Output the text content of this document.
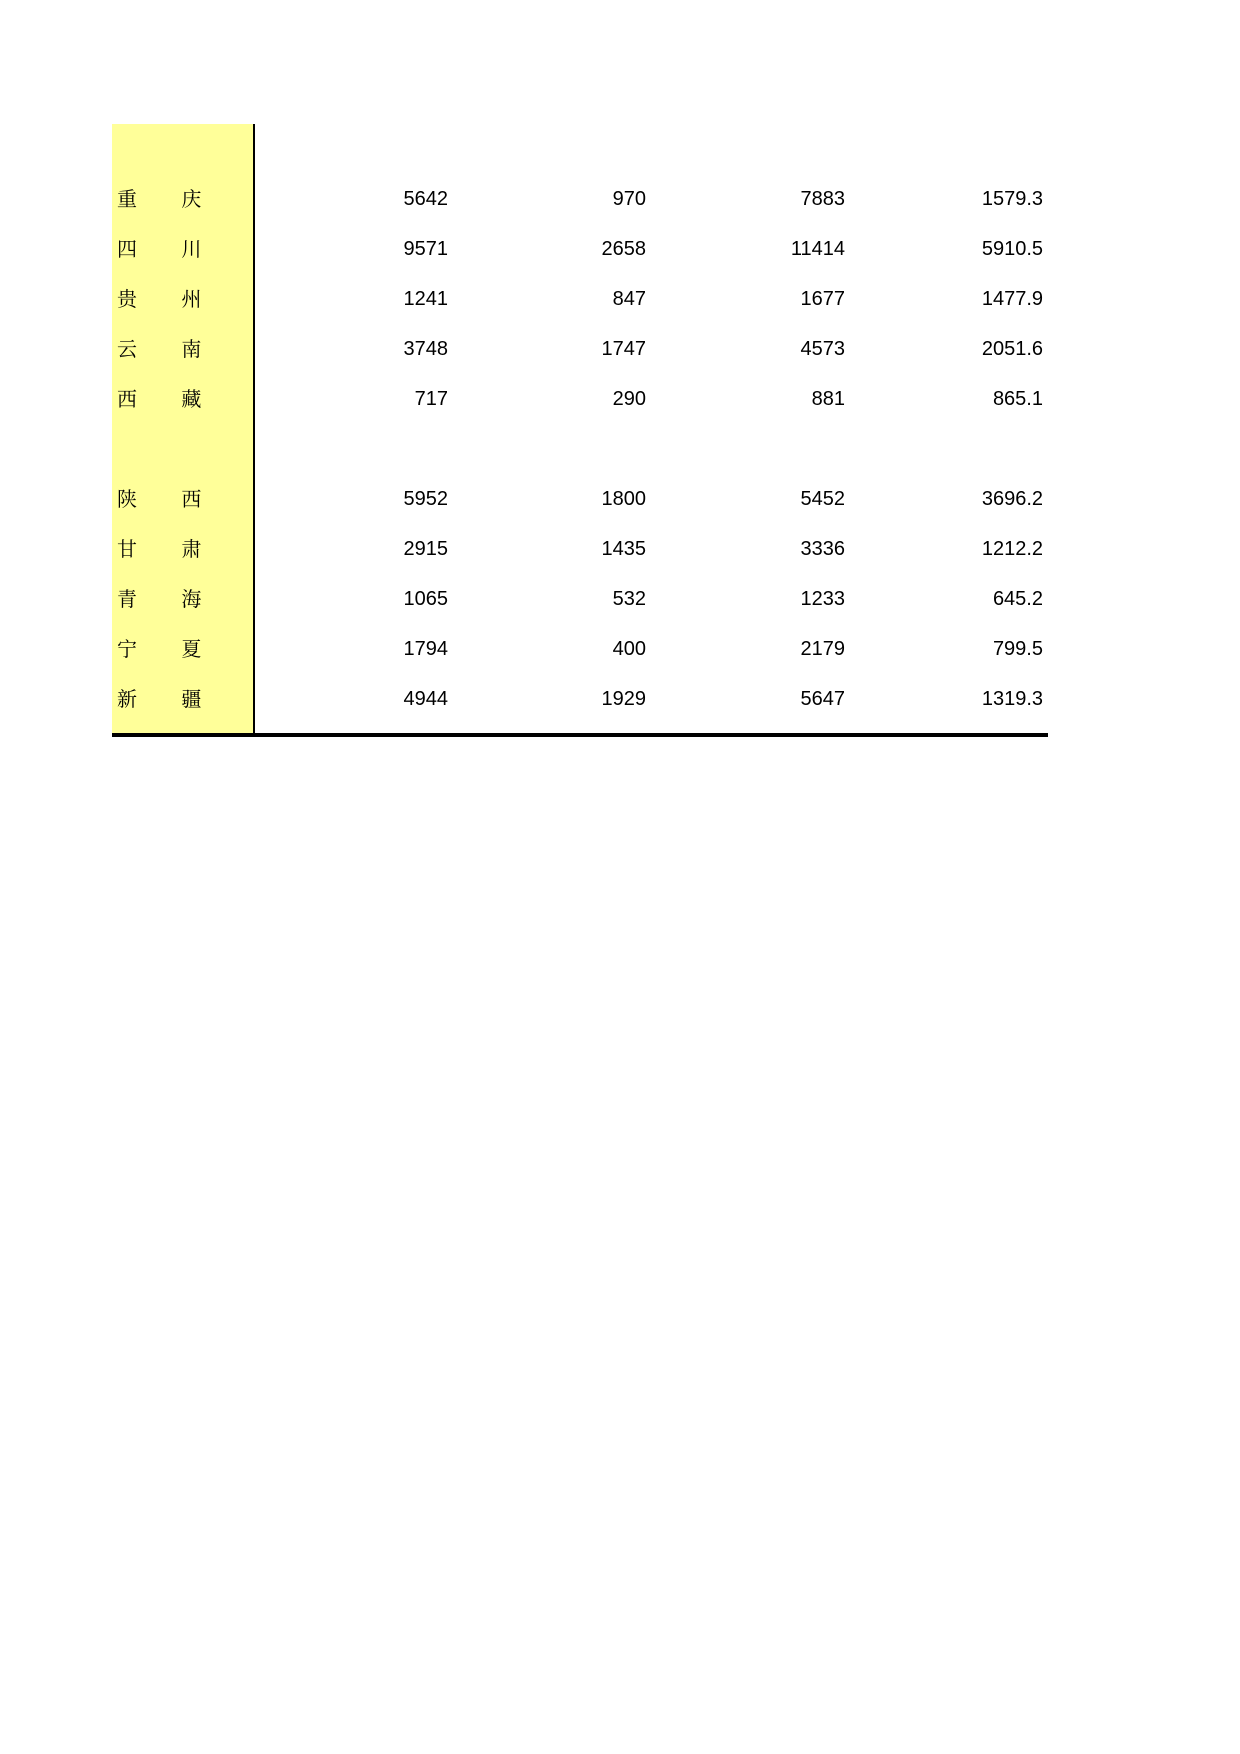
重 庆	5642	970	7883	1579.3
四 川	9571	2658	11414	5910.5
贵 州	1241	847	1677	1477.9
云 南	3748	1747	4573	2051.6
西 藏	717	290	881	865.1
陕 西	5952	1800	5452	3696.2
甘 肃	2915	1435	3336	1212.2
青 海	1065	532	1233	645.2
宁 夏	1794	400	2179	799.5
新 疆	4944	1929	5647	1319.3
